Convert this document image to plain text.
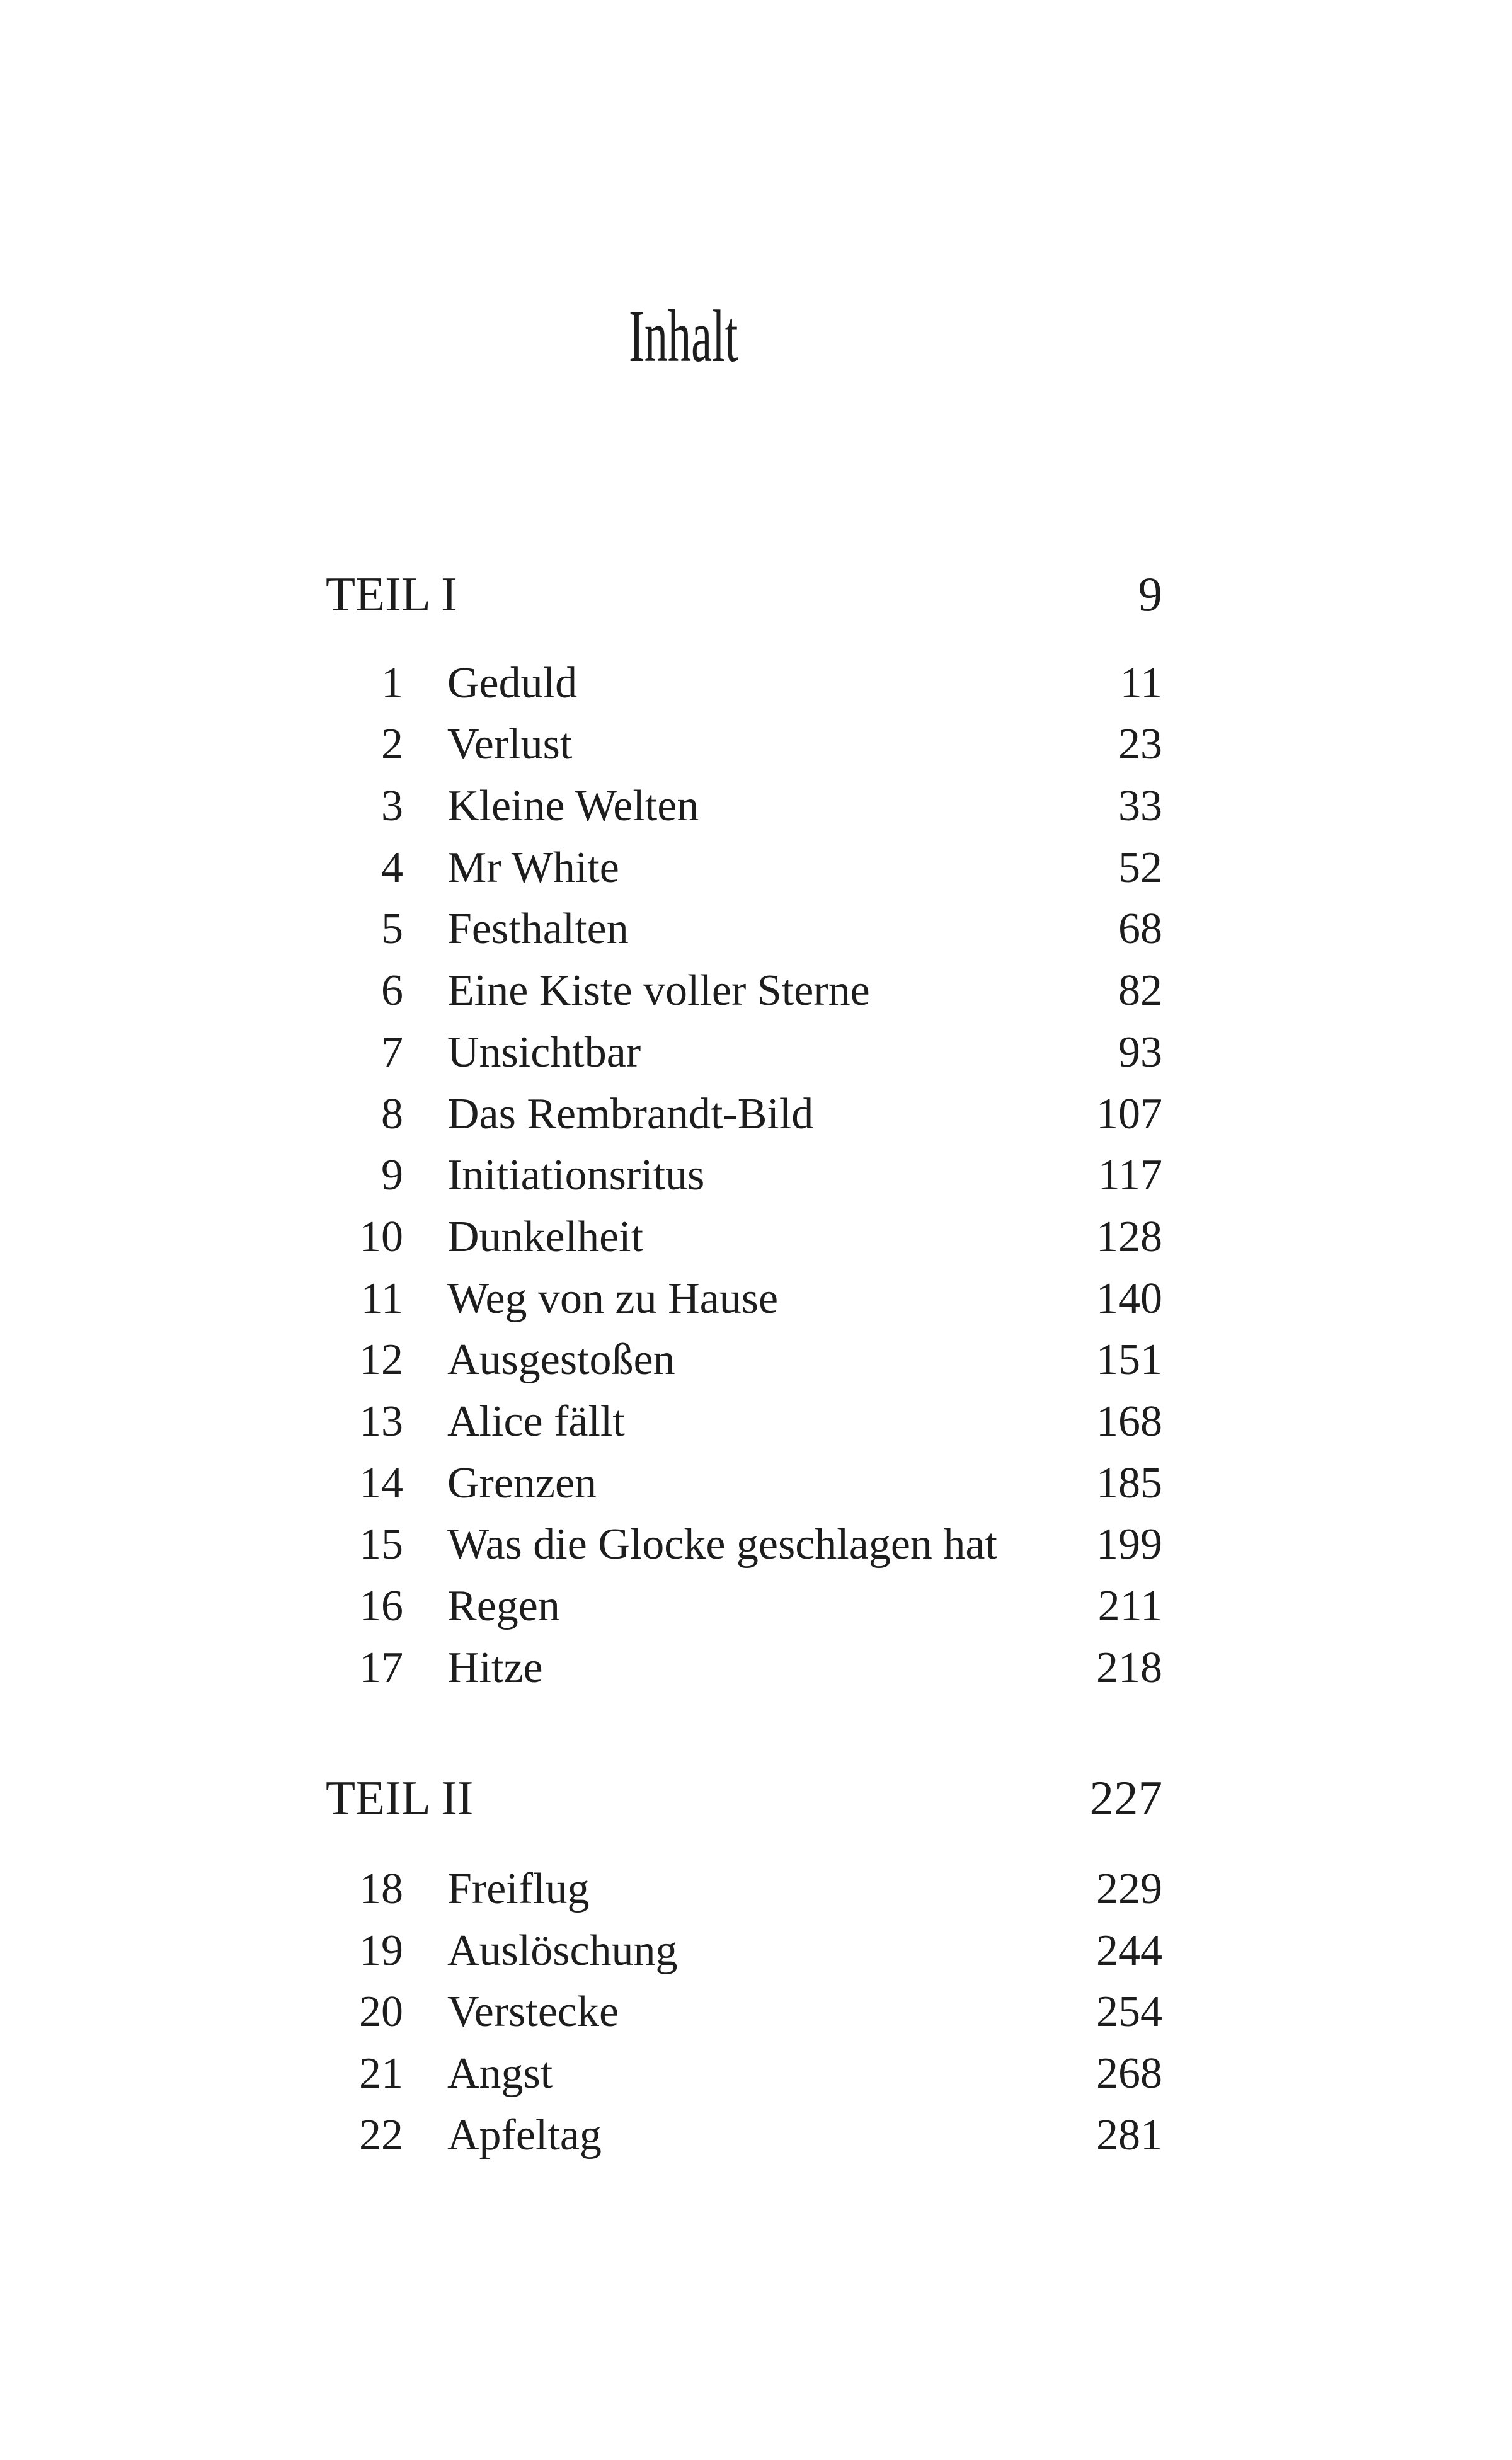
Inhalt
TEIL I	9
1	Geduld	11
2	Verlust	23
3	Kleine Welten	33
4	Mr White	52
5	Festhalten	68
6	Eine Kiste voller Sterne	82
7	Unsichtbar	93
8	Das Rembrandt-Bild	107
9	Initiationsritus	117
10	Dunkelheit	128
11	Weg von zu Hause	140
12	Ausgestoßen	151
13	Alice fällt	168
14	Grenzen	185
15	Was die Glocke geschlagen hat 199
16	Regen	211
17	Hitze	218
TEIL II	227
18	Freiflug	229
19	Auslöschung	244
20	Verstecke	254
21	Angst	268
22	Apfeltag	281
